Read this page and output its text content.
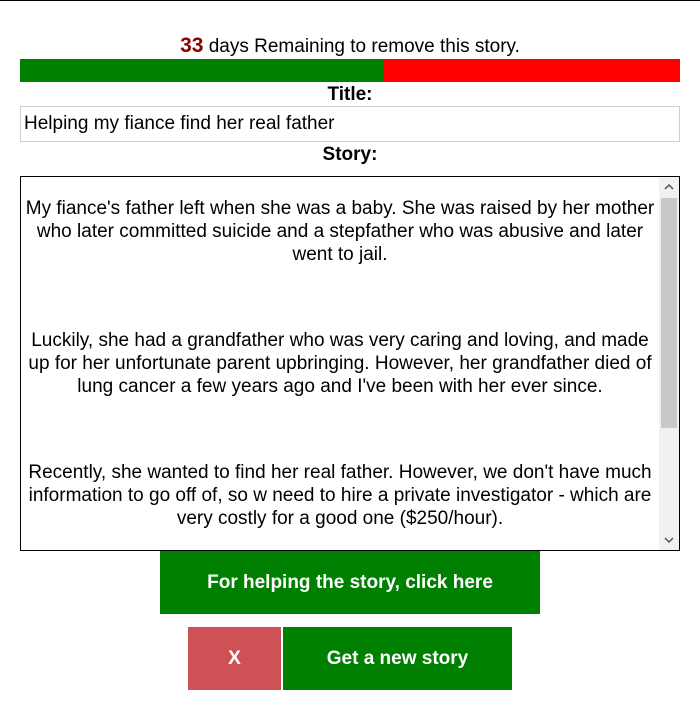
33 days Remaining to remove this story.
Title:
Helping my fiance find her real father
Story:

My fiance's father left when she was a baby. She was raised by her mother who later committed suicide and a stepfather who was abusive and later went to jail.

Luckily, she had a grandfather who was very caring and loving, and made up for her unfortunate parent upbringing. However, her grandfather died of lung cancer a few years ago and I've been with her ever since.

Recently, she wanted to find her real father. However, we don't have much information to go off of, so w need to hire a private investigator - which are very costly for a good one ($250/hour).

For helping the story, click here
X	Get a new story
